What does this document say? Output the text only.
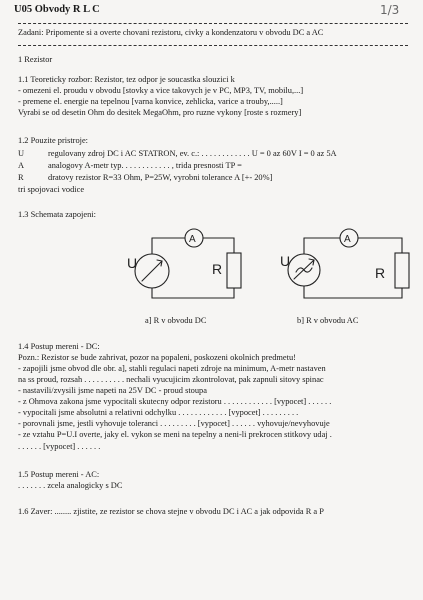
U05 Obvody R L C	1/3
Zadani: Pripomente si a overte chovani rezistoru, civky a kondenzatoru v obvodu DC a AC
1 Rezistor
1.1 Teoreticky rozbor: Rezistor, tez odpor je soucastka slouzici k
- omezeni el. proudu v obvodu [stovky a vice takovych je v PC, MP3, TV, mobilu,...]
- premene el. energie na tepelnou [varna konvice, zehlicka, varice a trouby,.....]
Vyrabi se od desetin Ohm do desitek MegaOhm, pro ruzne vykony [roste s rozmery]
1.2 Pouzite pristroje:
U	regulovany zdroj DC i AC STATRON, ev. c.: . . . . . . . . . . . . U = 0 az 60V I = 0 az 5A
A	analogovy A-metr typ. . . . . . . . . . . . , trida presnosti TP =
R	dratovy rezistor R=33 Ohm, P=25W, vyrobni tolerance A [+- 20%]
tri spojovaci vodice
1.3 Schemata zapojeni:
U
A
R	U
A
R
a] R v obvodu DC	b] R v obvodu AC
1.4 Postup mereni - DC:
Pozn.: Rezistor se bude zahrivat, pozor na popaleni, poskozeni okolnich predmetu!
- zapojili jsme obvod dle obr. a], stahli regulaci napeti zdroje na minimum, A-metr nastaven
na ss proud, rozsah . . . . . . . . . . nechali vyucujicim zkontrolovat, pak zapnuli sitovy spinac
- nastavili/zvysili jsme napeti na 25V DC - proud stoupa
- z Ohmova zakona jsme vypocitali skutecny odpor rezistoru . . . . . . . . . . . . [vypocet] . . . . . .
- vypocitali jsme absolutni a relativni odchylku . . . . . . . . . . . . [vypocet] . . . . . . . . .
- porovnali jsme, jestli vyhovuje toleranci . . . . . . . . . [vypocet] . . . . . . vyhovuje/nevyhovuje
- ze vztahu P=U.I overte, jaky el. vykon se meni na tepelny a neni-li prekrocen stitkovy udaj .
. . . . . . [vypocet] . . . . . .
1.5 Postup mereni - AC:
. . . . . . . zcela analogicky s DC
1.6 Zaver: ........ zjistite, ze rezistor se chova stejne v obvodu DC i AC a jak odpovida R a P
